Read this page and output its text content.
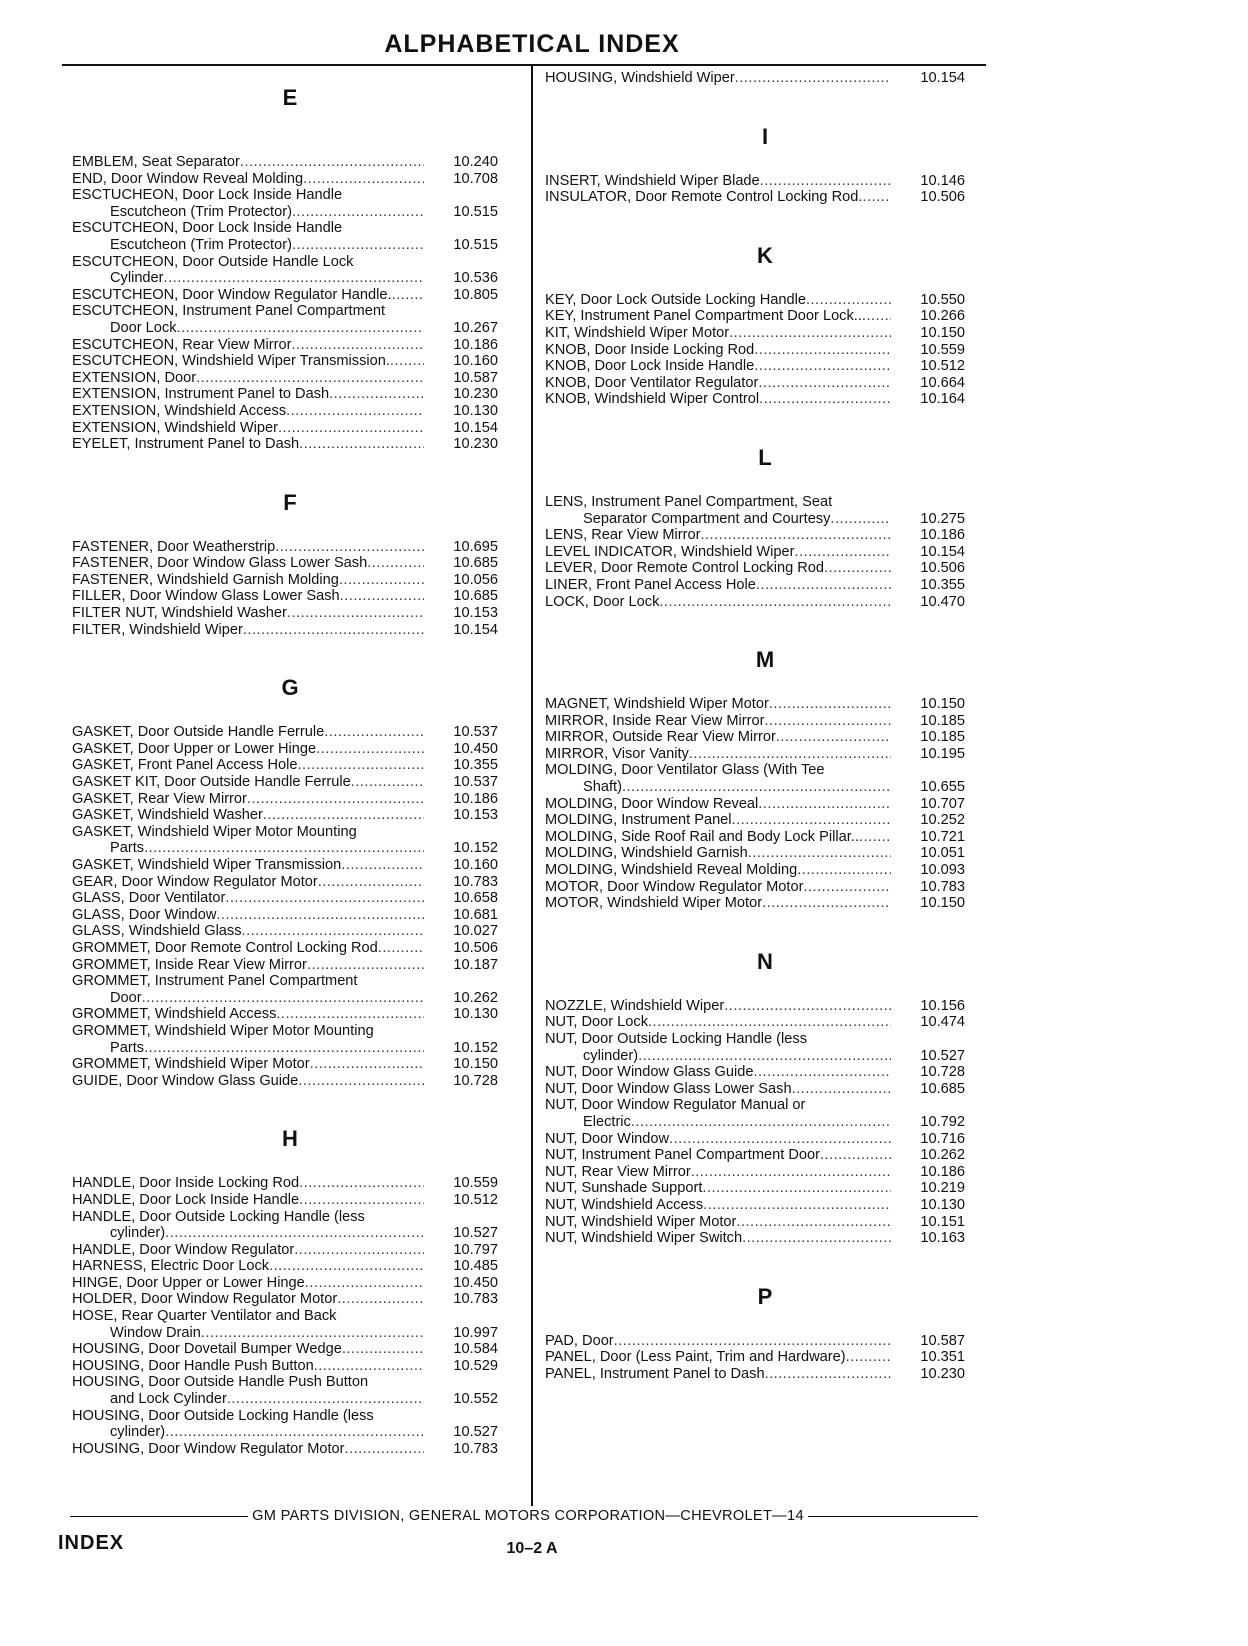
ALPHABETICAL INDEX
E
EMBLEM, Seat Separator .....	10.240
END, Door Window Reveal Molding .....	10.708
ESCTUCHEON, Door Lock Inside Handle
Escutcheon (Trim Protector) .....	10.515
ESCUTCHEON, Door Lock Inside Handle
Escutcheon (Trim Protector) .....	10.515
ESCUTCHEON, Door Outside Handle Lock
Cylinder .....	10.536
ESCUTCHEON, Door Window Regulator Handle. .....	10.805
ESCUTCHEON, Instrument Panel Compartment
Door Lock .....	10.267
ESCUTCHEON, Rear View Mirror .....	10.186
ESCUTCHEON, Windshield Wiper Transmission. .....	10.160
EXTENSION, Door .....	10.587
EXTENSION, Instrument Panel to Dash .....	10.230
EXTENSION, Windshield Access .....	10.130
EXTENSION, Windshield Wiper .....	10.154
EYELET, Instrument Panel to Dash .....	10.230
F
FASTENER, Door Weatherstrip .....	10.695
FASTENER, Door Window Glass Lower Sash .....	10.685
FASTENER, Windshield Garnish Molding .....	10.056
FILLER, Door Window Glass Lower Sash .....	10.685
FILTER NUT, Windshield Washer .....	10.153
FILTER, Windshield Wiper .....	10.154
G
GASKET, Door Outside Handle Ferrule .....	10.537
GASKET, Door Upper or Lower Hinge .....	10.450
GASKET, Front Panel Access Hole .....	10.355
GASKET KIT, Door Outside Handle Ferrule .....	10.537
GASKET, Rear View Mirror .....	10.186
GASKET, Windshield Washer .....	10.153
GASKET, Windshield Wiper Motor Mounting
Parts .....	10.152
GASKET, Windshield Wiper Transmission .....	10.160
GEAR, Door Window Regulator Motor .....	10.783
GLASS, Door Ventilator .....	10.658
GLASS, Door Window .....	10.681
GLASS, Windshield Glass .....	10.027
GROMMET, Door Remote Control Locking Rod .....	10.506
GROMMET, Inside Rear View Mirror .....	10.187
GROMMET, Instrument Panel Compartment
Door .....	10.262
GROMMET, Windshield Access .....	10.130
GROMMET, Windshield Wiper Motor Mounting
Parts .....	10.152
GROMMET, Windshield Wiper Motor .....	10.150
GUIDE, Door Window Glass Guide .....	10.728
H
HANDLE, Door Inside Locking Rod .....	10.559
HANDLE, Door Lock Inside Handle .....	10.512
HANDLE, Door Outside Locking Handle (less
cylinder) .....	10.527
HANDLE, Door Window Regulator .....	10.797
HARNESS, Electric Door Lock .....	10.485
HINGE, Door Upper or Lower Hinge .....	10.450
HOLDER, Door Window Regulator Motor .....	10.783
HOSE, Rear Quarter Ventilator and Back
Window Drain .....	10.997
HOUSING, Door Dovetail Bumper Wedge .....	10.584
HOUSING, Door Handle Push Button .....	10.529
HOUSING, Door Outside Handle Push Button
and Lock Cylinder .....	10.552
HOUSING, Door Outside Locking Handle (less
cylinder) .....	10.527
HOUSING, Door Window Regulator Motor .....	10.783
HOUSING, Windshield Wiper .....	10.154
I
INSERT, Windshield Wiper Blade .....	10.146
INSULATOR, Door Remote Control Locking Rod. .....	10.506
K
KEY, Door Lock Outside Locking Handle .....	10.550
KEY, Instrument Panel Compartment Door Lock.. .....	10.266
KIT, Windshield Wiper Motor .....	10.150
KNOB, Door Inside Locking Rod .....	10.559
KNOB, Door Lock Inside Handle .....	10.512
KNOB, Door Ventilator Regulator .....	10.664
KNOB, Windshield Wiper Control .....	10.164
L
LENS, Instrument Panel Compartment, Seat
Separator Compartment and Courtesy .....	10.275
LENS, Rear View Mirror .....	10.186
LEVEL INDICATOR, Windshield Wiper .....	10.154
LEVER, Door Remote Control Locking Rod .....	10.506
LINER, Front Panel Access Hole .....	10.355
LOCK, Door Lock .....	10.470
M
MAGNET, Windshield Wiper Motor .....	10.150
MIRROR, Inside Rear View Mirror .....	10.185
MIRROR, Outside Rear View Mirror .....	10.185
MIRROR, Visor Vanity .....	10.195
MOLDING, Door Ventilator Glass (With Tee
Shaft) .....	10.655
MOLDING, Door Window Reveal .....	10.707
MOLDING, Instrument Panel .....	10.252
MOLDING, Side Roof Rail and Body Lock Pillar.. .....	10.721
MOLDING, Windshield Garnish .....	10.051
MOLDING, Windshield Reveal Molding .....	10.093
MOTOR, Door Window Regulator Motor .....	10.783
MOTOR, Windshield Wiper Motor .....	10.150
N
NOZZLE, Windshield Wiper .....	10.156
NUT, Door Lock .....	10.474
NUT, Door Outside Locking Handle (less
cylinder) .....	10.527
NUT, Door Window Glass Guide .....	10.728
NUT, Door Window Glass Lower Sash .....	10.685
NUT, Door Window Regulator Manual or
Electric .....	10.792
NUT, Door Window .....	10.716
NUT, Instrument Panel Compartment Door .....	10.262
NUT, Rear View Mirror .....	10.186
NUT, Sunshade Support .....	10.219
NUT, Windshield Access .....	10.130
NUT, Windshield Wiper Motor .....	10.151
NUT, Windshield Wiper Switch .....	10.163
P
PAD, Door .....	10.587
PANEL, Door (Less Paint, Trim and Hardware) .....	10.351
PANEL, Instrument Panel to Dash .....	10.230
GM PARTS DIVISION, GENERAL MOTORS CORPORATION—CHEVROLET—14
INDEX	10–2 A
